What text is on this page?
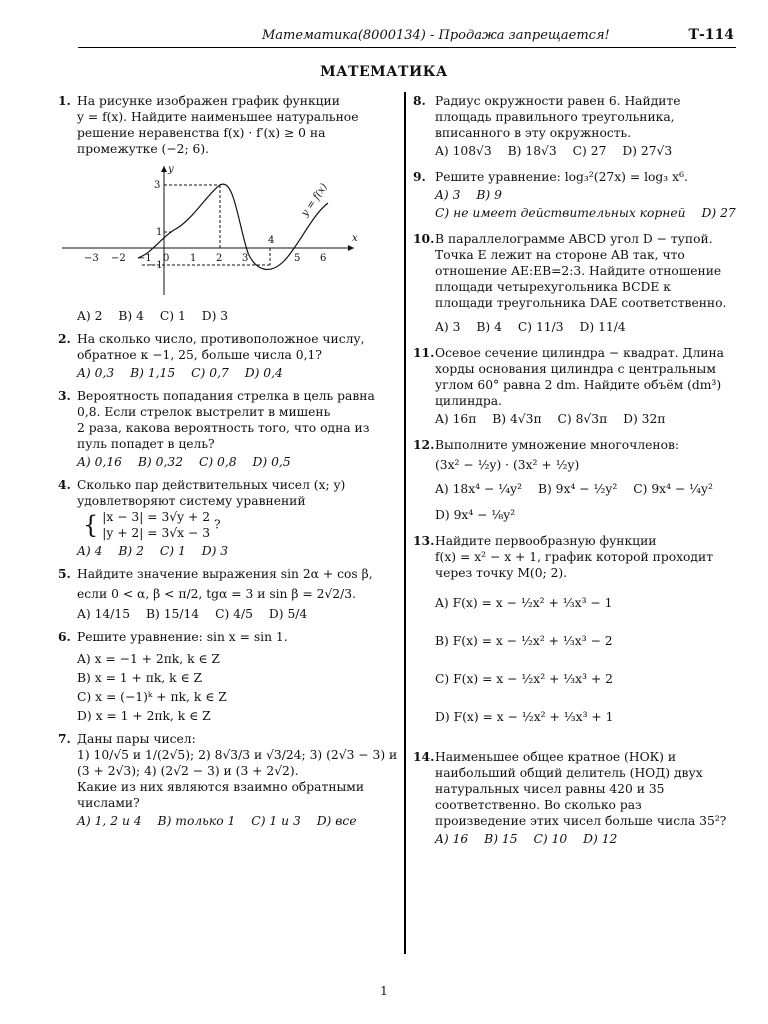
Математика(8000134) - Продажа запрещается!	Т-114
МАТЕМАТИКА
1. На рисунке изображен график функции
y = f(x). Найдите наименьшее натуральное
решение неравенства f(x) · f′(x) ≥ 0 на
промежутке (−2; 6).
y
x
3
1
−1
−3 −2 −1 0 1 2 3
4
5 6
y = f(x)
A) 2 B) 4 C) 1 D) 3
2. На сколько число, противоположное числу,
обратное к −1, 25, больше числа 0,1?
A) 0,3 B) 1,15 C) 0,7 D) 0,4
3. Вероятность попадания стрелка в цель равна
0,8. Если стрелок выстрелит в мишень
2 раза, какова вероятность того, что одна из
пуль попадет в цель?
A) 0,16 B) 0,32 C) 0,8 D) 0,5
4. Сколько пар действительных чисел (x; y)
удовлетворяют систему уравнений
{ |x − 3| = 3√y + 2
|y + 2| = 3√x − 3
?
A) 4 B) 2 C) 1 D) 3
5. Найдите значение выражения sin 2α + cos β,
если 0 < α, β < π/2, tgα = 3 и sin β = 2√2/3.
A) 14/15 B) 15/14 C) 4/5 D) 5/4
6. Решите уравнение: sin x = sin 1.
A) x = −1 + 2πk, k ∈ Z
B) x = 1 + πk, k ∈ Z
C) x = (−1)ᵏ + πk, k ∈ Z
D) x = 1 + 2πk, k ∈ Z
7. Даны пары чисел:
1) 10/√5 и 1/(2√5); 2) 8√3/3 и √3/24; 3) (2√3 − 3) и
(3 + 2√3); 4) (2√2 − 3) и (3 + 2√2).
Какие из них являются взаимно обратными
числами?
A) 1, 2 и 4 B) только 1 C) 1 и 3 D) все
8. Радиус окружности равен 6. Найдите
площадь правильного треугольника,
вписанного в эту окружность.
A) 108√3 B) 18√3 C) 27 D) 27√3
9. Решите уравнение: log₃²(27x) = log₃ x⁶.
A) 3 B) 9
C) не имеет действительных корней D) 27
10. В параллелограмме ABCD угол D − тупой.
Точка E лежит на стороне AB так, что
отношение AE:EB=2:3. Найдите отношение
площади четырехугольника BCDE к
площади треугольника DAE соответственно.
A) 3 B) 4 C) 11/3 D) 11/4
11. Осевое сечение цилиндра − квадрат. Длина
хорды основания цилиндра с центральным
углом 60° равна 2 dm. Найдите объём (dm³)
цилиндра.
A) 16π B) 4√3π C) 8√3π D) 32π
12. Выполните умножение многочленов:
(3x² − ½y) · (3x² + ½y)
A) 18x⁴ − ¼y² B) 9x⁴ − ½y² C) 9x⁴ − ¼y²
D) 9x⁴ − ⅛y²
13. Найдите первообразную функции
f(x) = x² − x + 1, график которой проходит
через точку M(0; 2).
A) F(x) = x − ½x² + ⅓x³ − 1
B) F(x) = x − ½x² + ⅓x³ − 2
C) F(x) = x − ½x² + ⅓x³ + 2
D) F(x) = x − ½x² + ⅓x³ + 1
14. Наименьшее общее кратное (НОК) и
наибольший общий делитель (НОД) двух
натуральных чисел равны 420 и 35
соответственно. Во сколько раз
произведение этих чисел больше числа 35²?
A) 16 B) 15 C) 10 D) 12
1
